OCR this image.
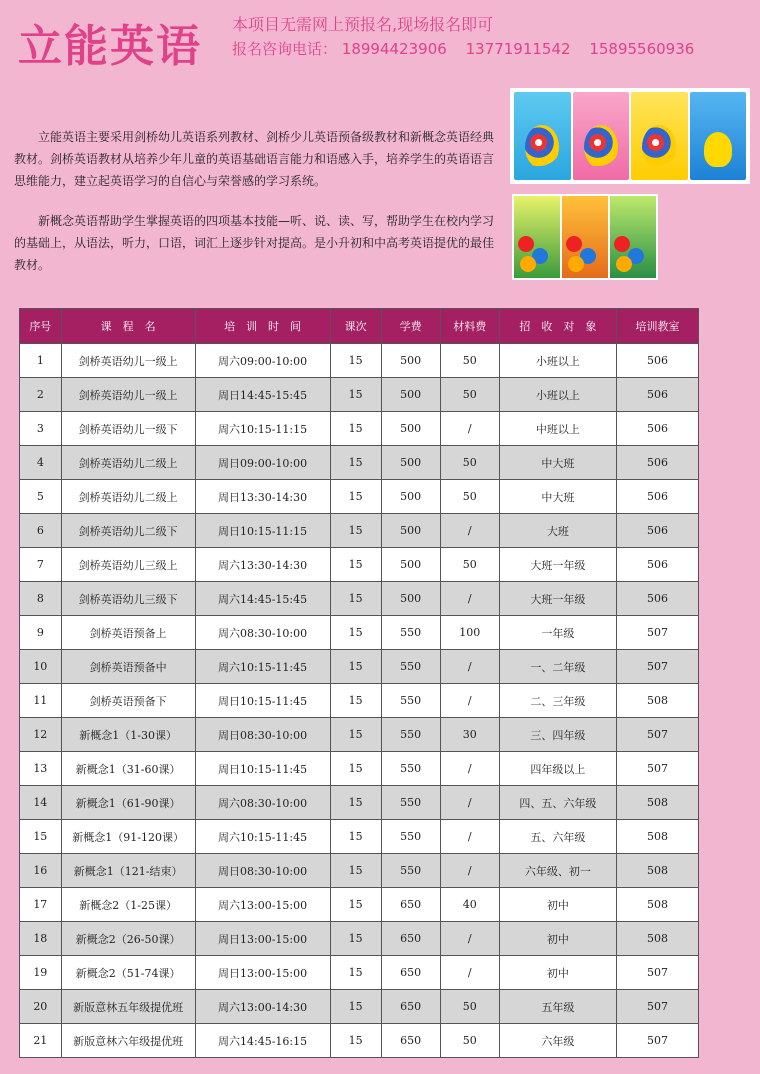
立能英语 本项目无需网上预报名,现场报名即可
报名咨询电话： 18994423906 13771911542 15895560936
立能英语主要采用剑桥幼儿英语系列教材、剑桥少儿英语预备级教材和新概念英语经典教材。剑桥英语教材从培养少年儿童的英语基础语言能力和语感入手，培养学生的英语语言思维能力，建立起英语学习的自信心与荣誉感的学习系统。
新概念英语帮助学生掌握英语的四项基本技能—听、说、读、写，帮助学生在校内学习的基础上，从语法，听力，口语，词汇上逐步针对提高。是小升初和中高考英语提优的最佳教材。
序号	课　程　名	培　训　时　间	课次	学费	材料费	招　收　对　象	培训教室
1	剑桥英语幼儿一级上	周六09:00-10:00	15	500	50	小班以上	506
2	剑桥英语幼儿一级上	周日14:45-15:45	15	500	50	小班以上	506
3	剑桥英语幼儿一级下	周六10:15-11:15	15	500	/	中班以上	506
4	剑桥英语幼儿二级上	周日09:00-10:00	15	500	50	中大班	506
5	剑桥英语幼儿二级上	周日13:30-14:30	15	500	50	中大班	506
6	剑桥英语幼儿二级下	周日10:15-11:15	15	500	/	大班	506
7	剑桥英语幼儿三级上	周六13:30-14:30	15	500	50	大班一年级	506
8	剑桥英语幼儿三级下	周六14:45-15:45	15	500	/	大班一年级	506
9	剑桥英语预备上	周六08:30-10:00	15	550	100	一年级	507
10	剑桥英语预备中	周六10:15-11:45	15	550	/	一、二年级	507
11	剑桥英语预备下	周日10:15-11:45	15	550	/	二、三年级	508
12	新概念1（1-30课）	周日08:30-10:00	15	550	30	三、四年级	507
13	新概念1（31-60课）	周日10:15-11:45	15	550	/	四年级以上	507
14	新概念1（61-90课）	周六08:30-10:00	15	550	/	四、五、六年级	508
15	新概念1（91-120课）	周六10:15-11:45	15	550	/	五、六年级	508
16	新概念1（121-结束）	周日08:30-10:00	15	550	/	六年级、初一	508
17	新概念2（1-25课）	周六13:00-15:00	15	650	40	初中	508
18	新概念2（26-50课）	周日13:00-15:00	15	650	/	初中	508
19	新概念2（51-74课）	周日13:00-15:00	15	650	/	初中	507
20	新版意林五年级提优班	周六13:00-14:30	15	650	50	五年级	507
21	新版意林六年级提优班	周六14:45-16:15	15	650	50	六年级	507
